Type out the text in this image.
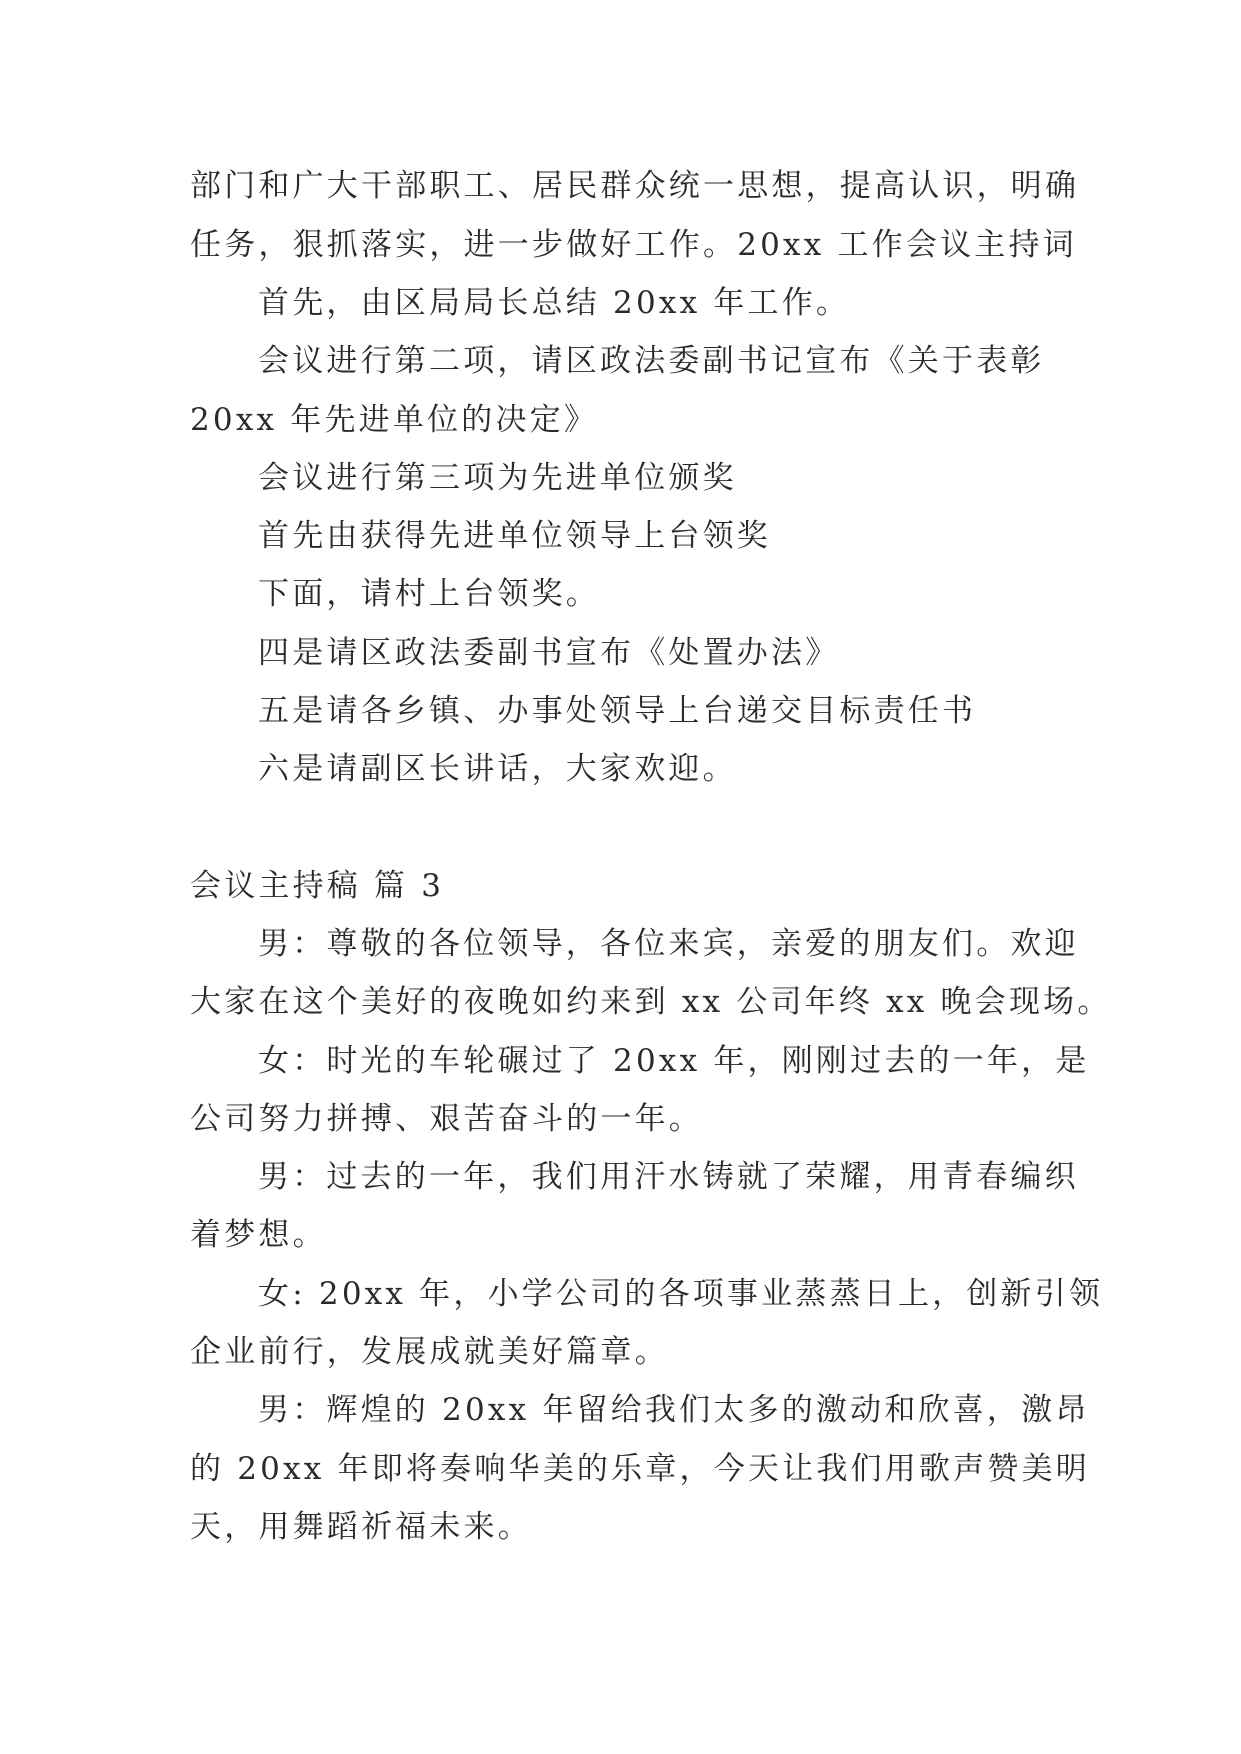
部门和广大干部职工、居民群众统一思想，提高认识，明确
任务，狠抓落实，进一步做好工作。20xx 工作会议主持词
首先，由区局局长总结 20xx 年工作。
会议进行第二项，请区政法委副书记宣布《关于表彰
20xx 年先进单位的决定》
会议进行第三项为先进单位颁奖
首先由获得先进单位领导上台领奖
下面，请村上台领奖。
四是请区政法委副书宣布《处置办法》
五是请各乡镇、办事处领导上台递交目标责任书
六是请副区长讲话，大家欢迎。
会议主持稿 篇 3
男：尊敬的各位领导，各位来宾，亲爱的朋友们。欢迎
大家在这个美好的夜晚如约来到 xx 公司年终 xx 晚会现场。
女：时光的车轮碾过了 20xx 年，刚刚过去的一年，是
公司努力拼搏、艰苦奋斗的一年。
男：过去的一年，我们用汗水铸就了荣耀，用青春编织
着梦想。
女: 20xx 年，小学公司的各项事业蒸蒸日上，创新引领
企业前行，发展成就美好篇章。
男：辉煌的 20xx 年留给我们太多的激动和欣喜，激昂
的 20xx 年即将奏响华美的乐章，今天让我们用歌声赞美明
天，用舞蹈祈福未来。
